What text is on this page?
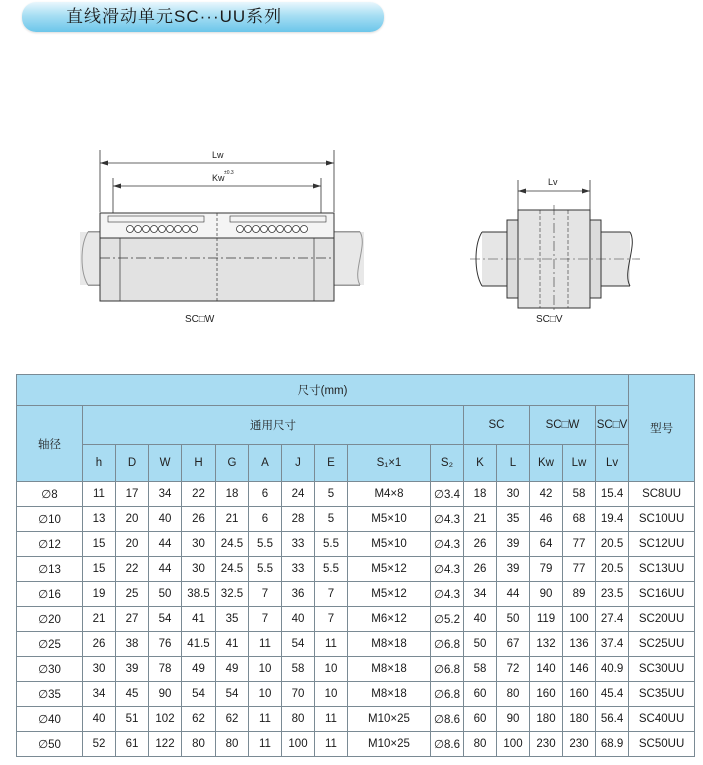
直线滑动单元SC···UU系列
Lw
Kw ±0.3
SC□W
Lv
SC□V
尺寸(mm)																型号
轴径	通用尺寸										SC		SC□W		SC□V	
	h	D	W	H	G	A	J	E	S₁×1	S₂	K	L	Kw	Lw	Lv	
∅8	11	17	34	22	18	6	24	5	M4×8	∅3.4	18	30	42	58	15.4	SC8UU
∅10	13	20	40	26	21	6	28	5	M5×10	∅4.3	21	35	46	68	19.4	SC10UU
∅12	15	20	44	30	24.5	5.5	33	5.5	M5×10	∅4.3	26	39	64	77	20.5	SC12UU
∅13	15	22	44	30	24.5	5.5	33	5.5	M5×12	∅4.3	26	39	79	77	20.5	SC13UU
∅16	19	25	50	38.5	32.5	7	36	7	M5×12	∅4.3	34	44	90	89	23.5	SC16UU
∅20	21	27	54	41	35	7	40	7	M6×12	∅5.2	40	50	119	100	27.4	SC20UU
∅25	26	38	76	41.5	41	11	54	11	M8×18	∅6.8	50	67	132	136	37.4	SC25UU
∅30	30	39	78	49	49	10	58	10	M8×18	∅6.8	58	72	140	146	40.9	SC30UU
∅35	34	45	90	54	54	10	70	10	M8×18	∅6.8	60	80	160	160	45.4	SC35UU
∅40	40	51	102	62	62	11	80	11	M10×25	∅8.6	60	90	180	180	56.4	SC40UU
∅50	52	61	122	80	80	11	100	11	M10×25	∅8.6	80	100	230	230	68.9	SC50UU
